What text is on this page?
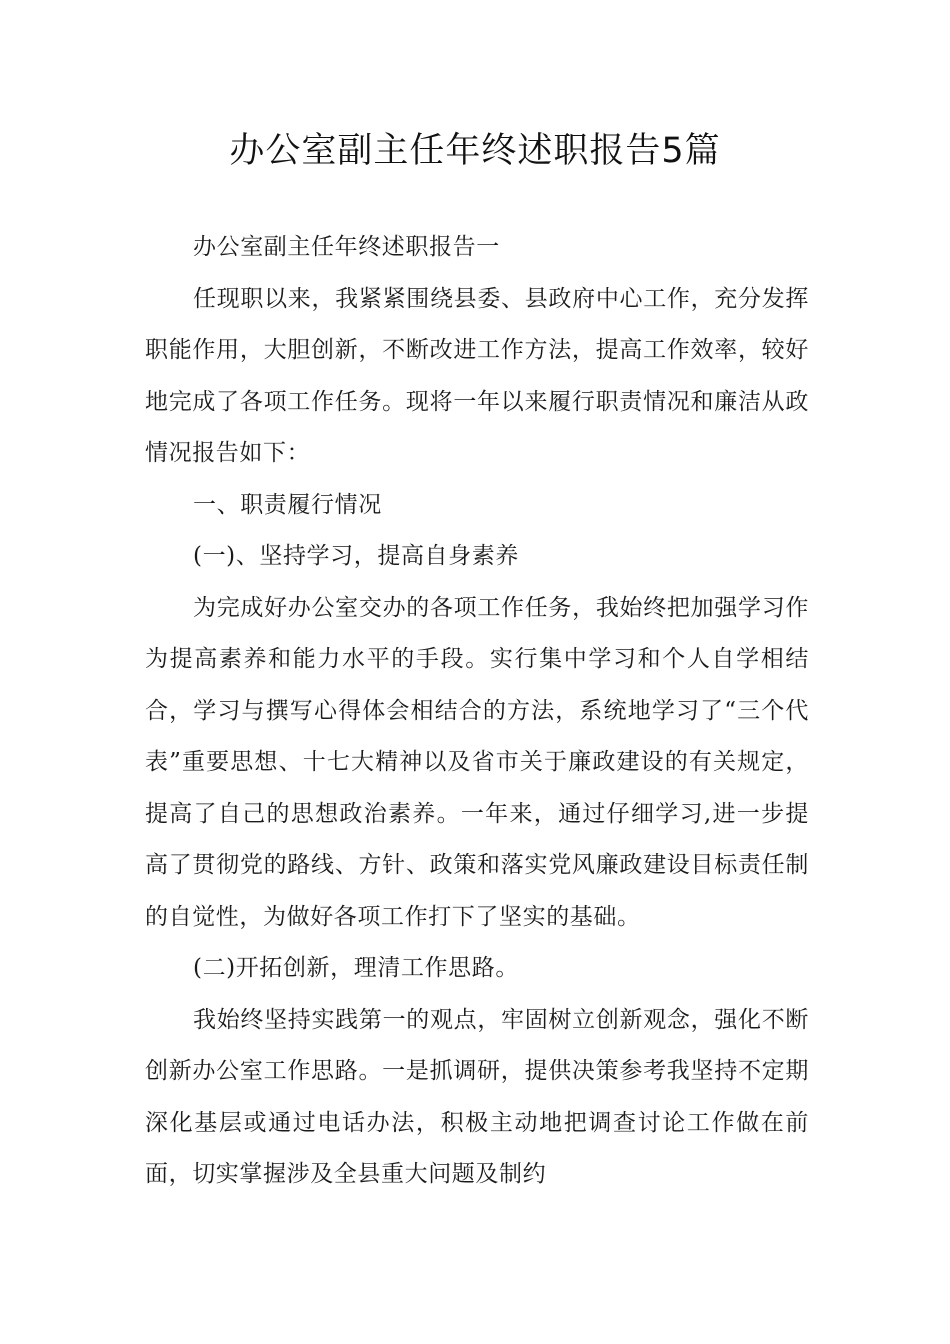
办公室副主任年终述职报告5篇

办公室副主任年终述职报告一

任现职以来，我紧紧围绕县委、县政府中心工作，充分发挥职能作用，大胆创新，不断改进工作方法，提高工作效率，较好地完成了各项工作任务。现将一年以来履行职责情况和廉洁从政情况报告如下：

一、职责履行情况

(一)、坚持学习，提高自身素养

为完成好办公室交办的各项工作任务，我始终把加强学习作为提高素养和能力水平的手段。实行集中学习和个人自学相结合，学习与撰写心得体会相结合的方法，系统地学习了“三个代表”重要思想、十七大精神以及省市关于廉政建设的有关规定，提高了自己的思想政治素养。一年来，通过仔细学习,进一步提高了贯彻党的路线、方针、政策和落实党风廉政建设目标责任制的自觉性，为做好各项工作打下了坚实的基础。

(二)开拓创新，理清工作思路。

我始终坚持实践第一的观点，牢固树立创新观念，强化不断创新办公室工作思路。一是抓调研，提供决策参考我坚持不定期深化基层或通过电话办法，积极主动地把调查讨论工作做在前面，切实掌握涉及全县重大问题及制约
